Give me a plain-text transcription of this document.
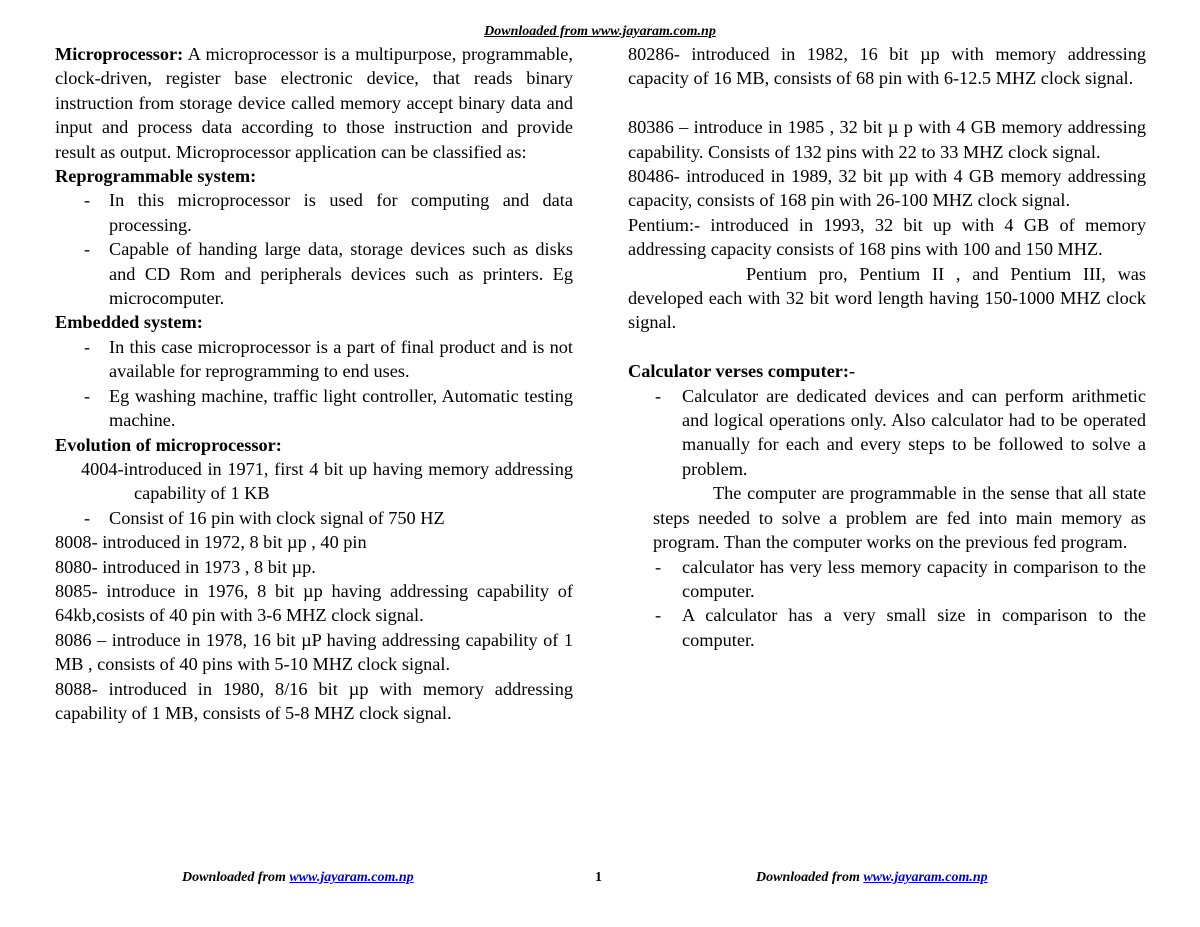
Downloaded from www.jayaram.com.np

Microprocessor: A microprocessor is a multipurpose, programmable, clock-driven, register base electronic device, that reads binary instruction from storage device called memory accept binary data and input and process data according to those instruction and provide result as output. Microprocessor application can be classified as:

Reprogrammable system:
- In this microprocessor is used for computing and data processing.
- Capable of handing large data, storage devices such as disks and CD Rom and peripherals devices such as printers. Eg microcomputer.
Embedded system:
- In this case microprocessor is a part of final product and is not available for reprogramming to end uses.
- Eg washing machine, traffic light controller, Automatic testing machine.
Evolution of microprocessor:

4004-introduced in 1971, first 4 bit up having memory addressing capability of 1 KB

- Consist of 16 pin with clock signal of 750 HZ

8008- introduced in 1972, 8 bit µp , 40 pin

8080- introduced in 1973 , 8 bit µp.

8085- introduce in 1976, 8 bit µp having addressing capability of 64kb,cosists of 40 pin with 3-6 MHZ clock signal.

8086 – introduce in 1978, 16 bit µP having addressing capability of 1 MB , consists of 40 pins with 5-10 MHZ clock signal.

8088- introduced in 1980, 8/16 bit µp with memory addressing capability of 1 MB, consists of 5-8 MHZ clock signal.

80286- introduced in 1982, 16 bit µp with memory addressing capacity of 16 MB, consists of 68 pin with 6-12.5 MHZ clock signal.

80386 – introduce in 1985 , 32 bit µ p with 4 GB memory addressing capability. Consists of 132 pins with 22 to 33 MHZ clock signal.

80486- introduced in 1989, 32 bit µp with 4 GB memory addressing capacity, consists of 168 pin with 26-100 MHZ clock signal.

Pentium:- introduced in 1993, 32 bit up with 4 GB of memory addressing capacity consists of 168 pins with 100 and 150 MHZ.

Pentium pro, Pentium II , and Pentium III, was developed each with 32 bit word length having 150-1000 MHZ clock signal.

Calculator verses computer:-
- Calculator are dedicated devices and can perform arithmetic and logical operations only. Also calculator had to be operated manually for each and every steps to be followed to solve a problem.

The computer are programmable in the sense that all state steps needed to solve a problem are fed into main memory as program. Than the computer works on the previous fed program.

- calculator has very less memory capacity in comparison to the computer.
- A calculator has a very small size in comparison to the computer.
Downloaded from www.jayaram.com.np	1	Downloaded from www.jayaram.com.np
